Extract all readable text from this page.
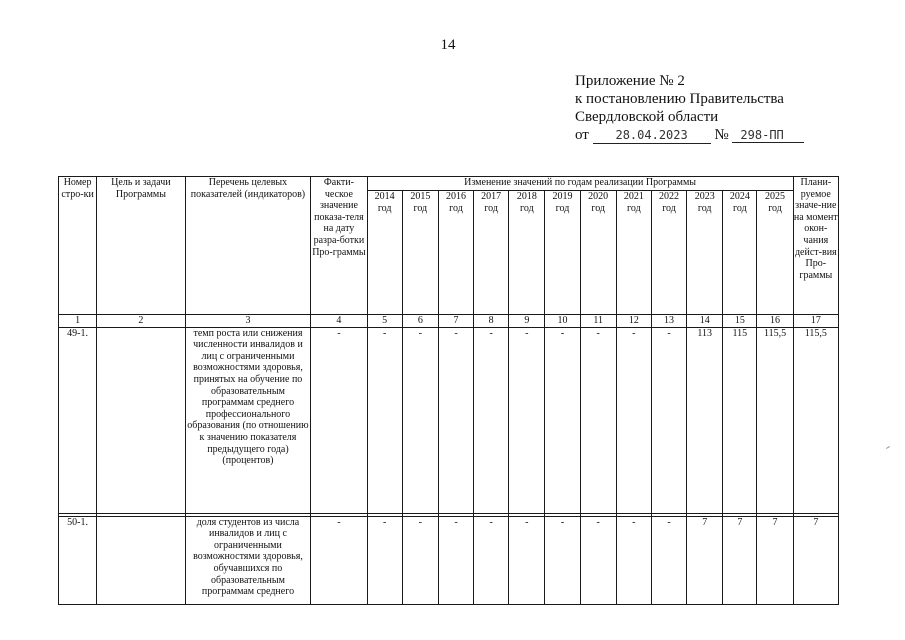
14
Приложение № 2
к постановлению Правительства
Свердловской области
от 28.04.2023 № 298-ПП
Номер стро-ки	Цель и задачи Программы	Перечень целевых показателей (индикаторов)	Факти-ческое значение показа-теля на дату разра-ботки Про-граммы	Изменение значений по годам реализации Программы												Плани-руемое значе-ние на момент окон-чания дейст-вия Про-граммы
				2014 год	2015 год	2016 год	2017 год	2018 год	2019 год	2020 год	2021 год	2022 год	2023 год	2024 год	2025 год	
1	2	3	4	5	6	7	8	9	10	11	12	13	14	15	16	17
49-1.		темп роста или снижения численности инвалидов и лиц с ограниченными возможностями здоровья, принятых на обучение по образовательным программам среднего профессионального образования (по отношению к значению показателя предыдущего года) (процентов)	-	-	-	-	-	-	-	-	-	-	113	115	115,5	115,5

50-1.		доля студентов из числа инвалидов и лиц с ограниченными возможностями здоровья, обучавшихся по образовательным программам среднего	-	-	-	-	-	-	-	-	-	-	7	7	7	7
